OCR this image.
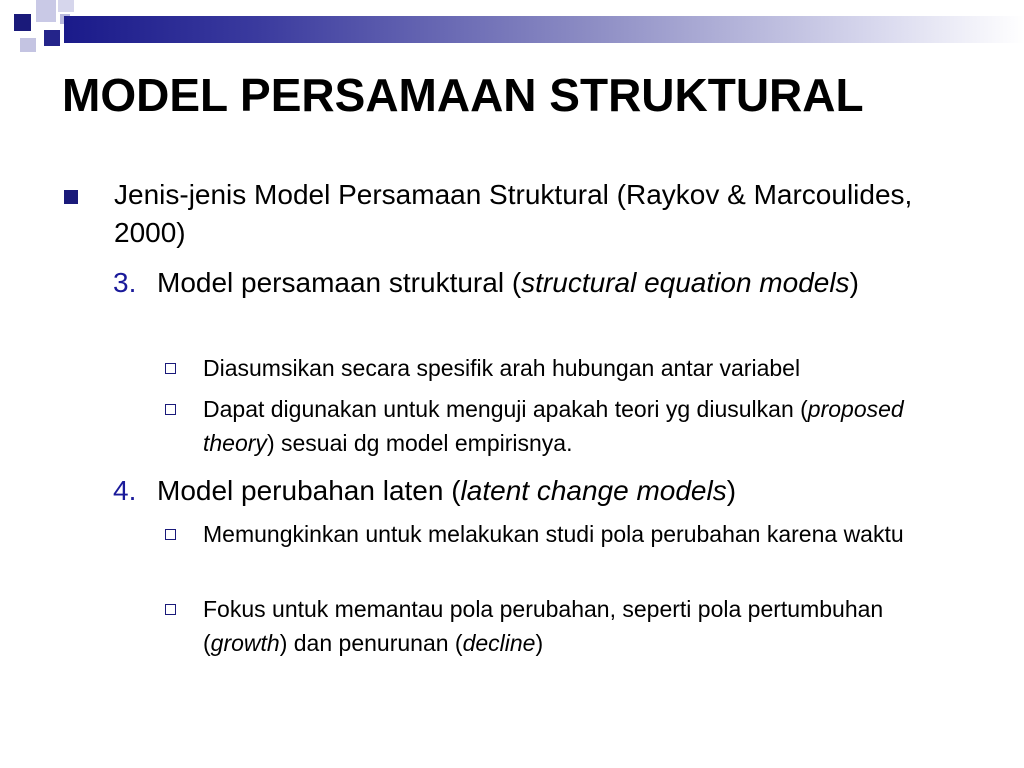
MODEL PERSAMAAN STRUKTURAL
Jenis-jenis Model Persamaan Struktural (Raykov & Marcoulides, 2000)
3. Model persamaan struktural (structural equation models)
Diasumsikan secara spesifik arah hubungan antar variabel
Dapat digunakan untuk menguji apakah teori yg diusulkan (proposed theory) sesuai dg model empirisnya.
4. Model perubahan laten (latent change models)
Memungkinkan untuk melakukan studi pola perubahan karena waktu
Fokus untuk memantau pola perubahan, seperti pola pertumbuhan (growth) dan penurunan (decline)
